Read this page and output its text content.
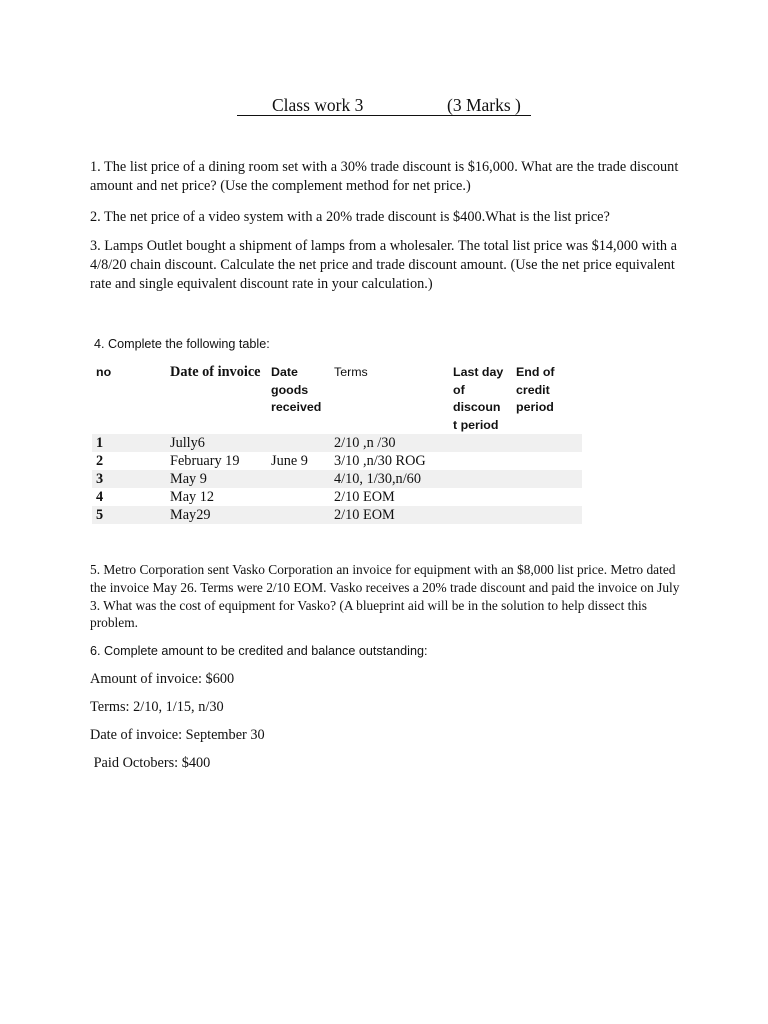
Class work 3	(3 Marks )

1. The list price of a dining room set with a 30% trade discount is $16,000. What are the trade discount amount and net price? (Use the complement method for net price.)

2. The net price of a video system with a 20% trade discount is $400.What is the list price?

3. Lamps Outlet bought a shipment of lamps from a wholesaler. The total list price was $14,000 with a 4/8/20 chain discount. Calculate the net price and trade discount amount. (Use the net price equivalent rate and single equivalent discount rate in your calculation.)

4. Complete the following table:

no	Date of invoice	Date goods received	Terms	Last day of discoun t period	End of credit period
1	Jully6		2/10 ,n /30		
2	February 19	June 9	3/10 ,n/30 ROG		
3	May 9		4/10, 1/30,n/60		
4	May 12		2/10 EOM		
5	May29		2/10 EOM		

5. Metro Corporation sent Vasko Corporation an invoice for equipment with an $8,000 list price. Metro dated the invoice May 26. Terms were 2/10 EOM. Vasko receives a 20% trade discount and paid the invoice on July 3. What was the cost of equipment for Vasko? (A blueprint aid will be in the solution to help dissect this problem.

6. Complete amount to be credited and balance outstanding:

Amount of invoice: $600

Terms: 2/10, 1/15, n/30

Date of invoice: September 30

Paid Octobers: $400
